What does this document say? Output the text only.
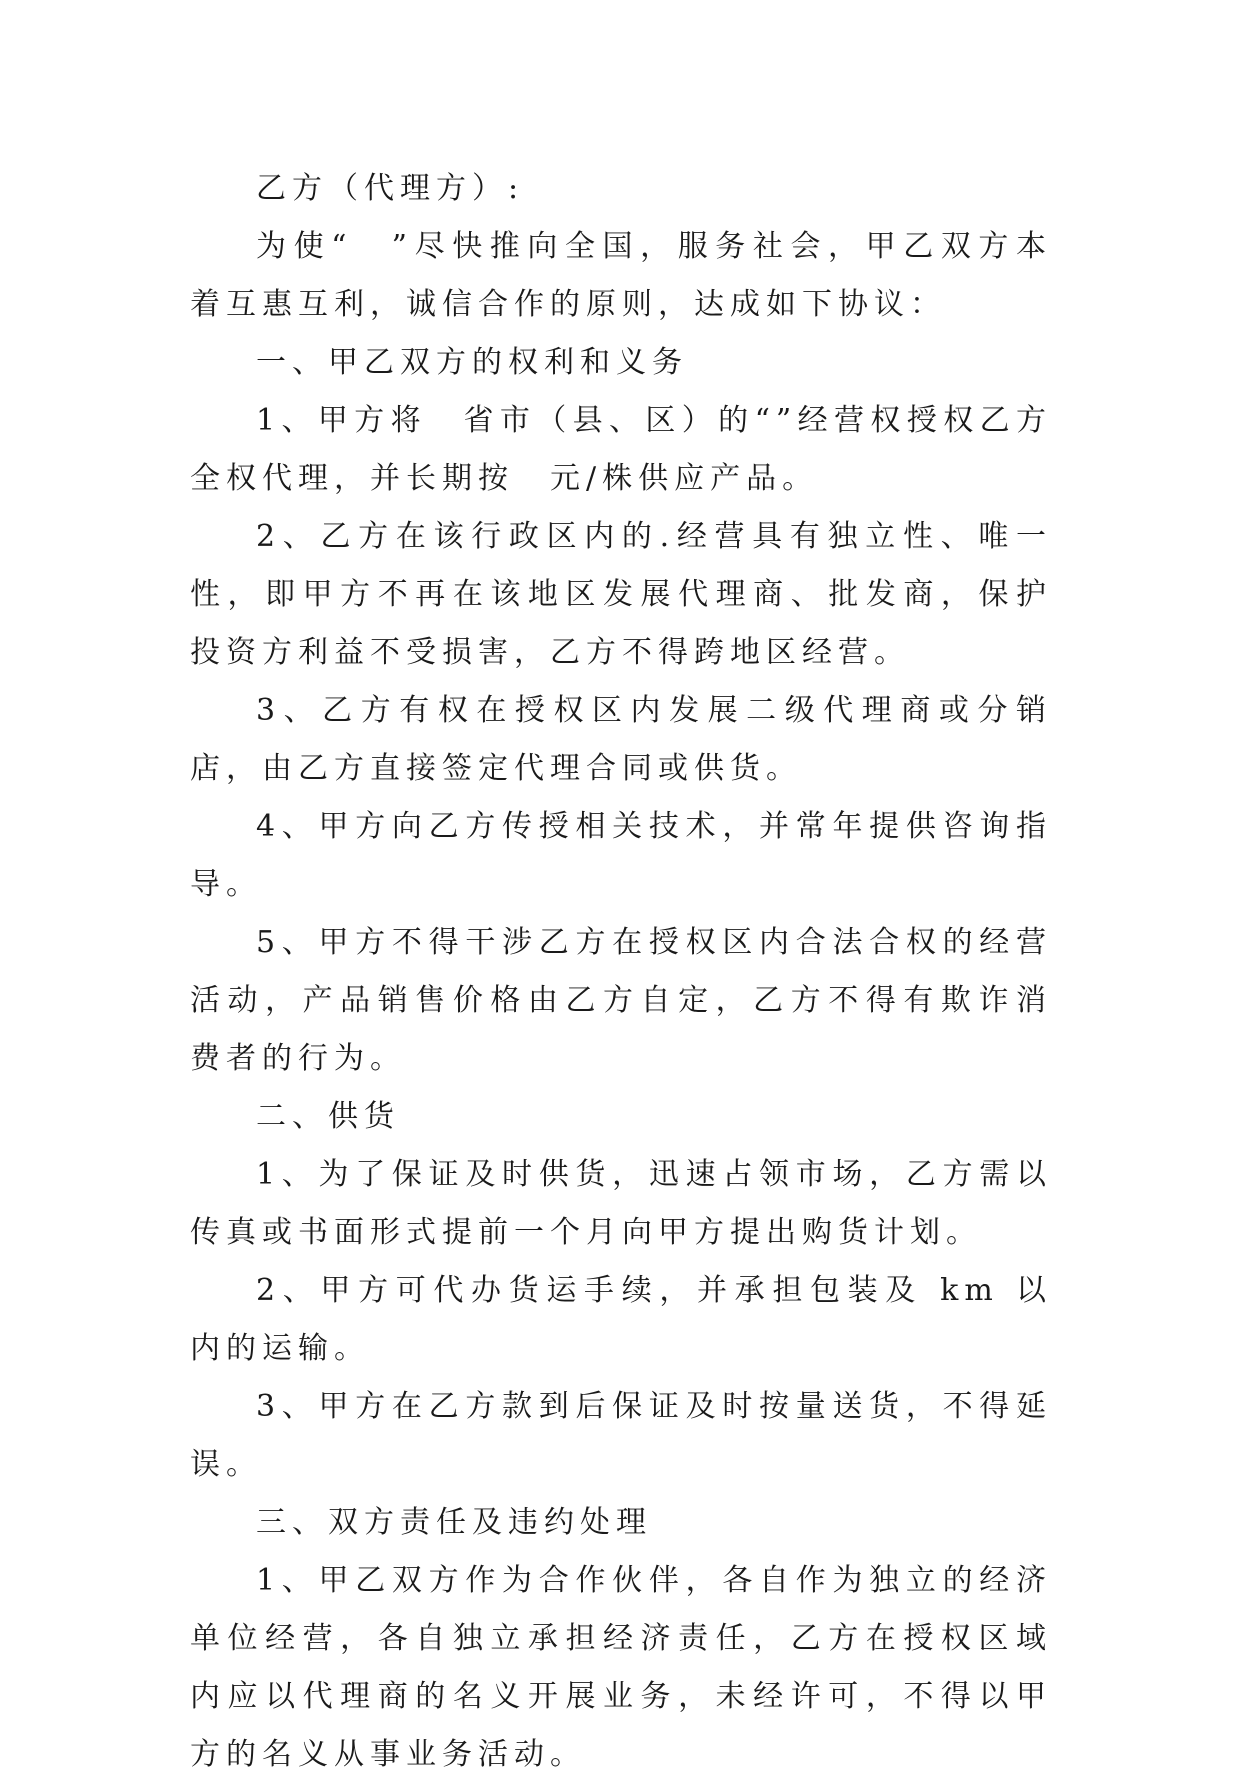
乙方（代理方）:

为使“　”尽快推向全国，服务社会，甲乙双方本着互惠互利，诚信合作的原则，达成如下协议：

一、甲乙双方的权利和义务

1、甲方将　省市（县、区）的“”经营权授权乙方全权代理，并长期按　元/株供应产品。

2、乙方在该行政区内的.经营具有独立性、唯一性，即甲方不再在该地区发展代理商、批发商，保护投资方利益不受损害，乙方不得跨地区经营。

3、乙方有权在授权区内发展二级代理商或分销店，由乙方直接签定代理合同或供货。

4、甲方向乙方传授相关技术，并常年提供咨询指导。

5、甲方不得干涉乙方在授权区内合法合权的经营活动，产品销售价格由乙方自定，乙方不得有欺诈消费者的行为。

二、供货

1、为了保证及时供货，迅速占领市场，乙方需以传真或书面形式提前一个月向甲方提出购货计划。

2、甲方可代办货运手续，并承担包装及 km 以内的运输。

3、甲方在乙方款到后保证及时按量送货，不得延误。

三、双方责任及违约处理

1、甲乙双方作为合作伙伴，各自作为独立的经济单位经营，各自独立承担经济责任，乙方在授权区域内应以代理商的名义开展业务，未经许可，不得以甲方的名义从事业务活动。
